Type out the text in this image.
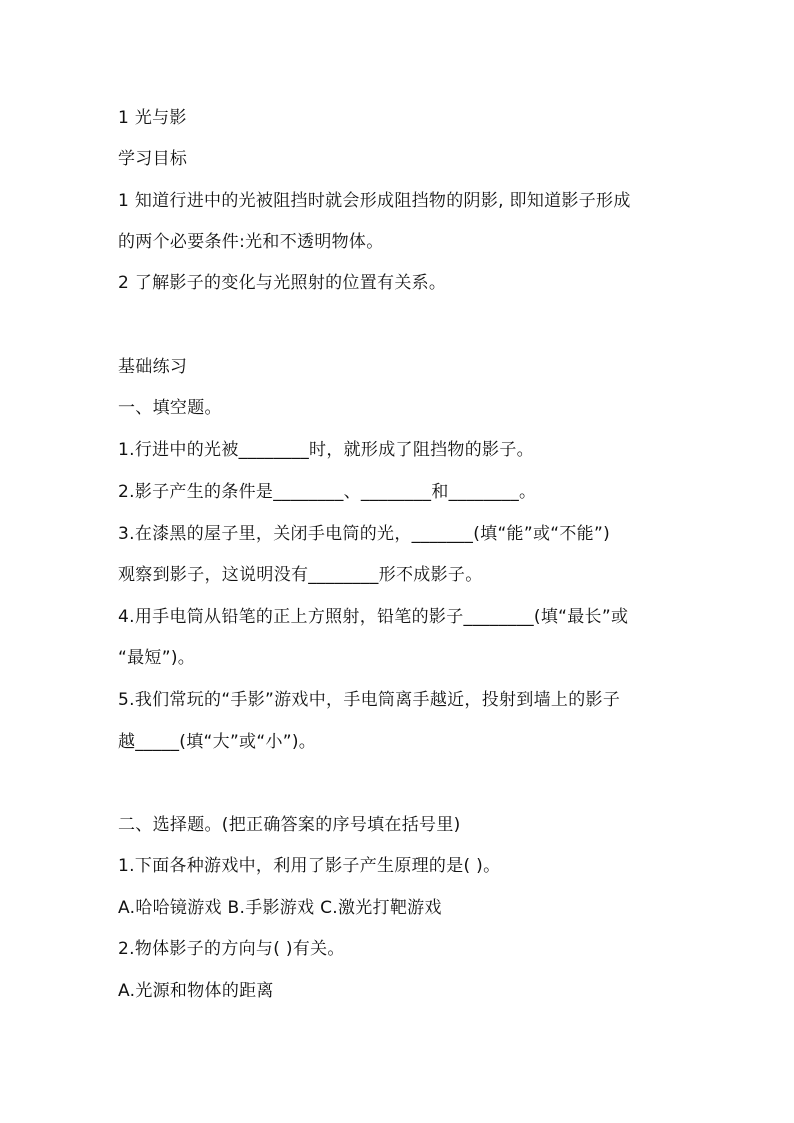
1 光与影
学习目标
1 知道行进中的光被阻挡时就会形成阻挡物的阴影, 即知道影子形成
的两个必要条件:光和不透明物体。
2 了解影子的变化与光照射的位置有关系。
基础练习
一、填空题。
1.行进中的光被________时，就形成了阻挡物的影子。
2.影子产生的条件是________、________和________。
3.在漆黑的屋子里，关闭手电筒的光，_______(填“能”或“不能”)
观察到影子，这说明没有________形不成影子。
4.用手电筒从铅笔的正上方照射，铅笔的影子________(填“最长”或
“最短”)。
5.我们常玩的“手影”游戏中，手电筒离手越近，投射到墙上的影子
越_____(填“大”或“小”)。
二、选择题。(把正确答案的序号填在括号里)
1.下面各种游戏中，利用了影子产生原理的是( )。
A.哈哈镜游戏 B.手影游戏 C.激光打靶游戏
2.物体影子的方向与( )有关。
A.光源和物体的距离
